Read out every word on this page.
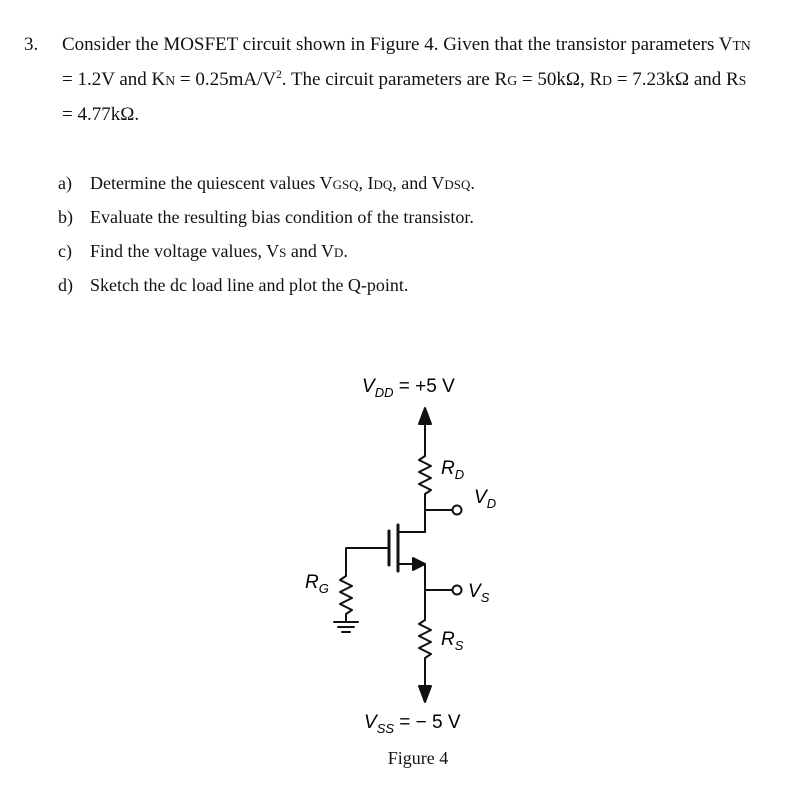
3.	Consider the MOSFET circuit shown in Figure 4. Given that the transistor parameters VTN
= 1.2V and KN = $0.25mA/V^2$. The circuit parameters are RG = 50kΩ, RD = 7.23kΩ and RS
= 4.77kΩ.
a)	Determine the quiescent values VGSQ, IDQ, and VDSQ.
b) Evaluate the resulting bias condition of the transistor.
c)	Find the voltage values, VS and VD.
d) Sketch the dc load line and plot the Q-point.
$V_{DD} = +5$ V
$R_D$
$V_D$
$R_G$	$V_S$
$R_S$
$V_{SS}$ = − 5 V
Figure 4
